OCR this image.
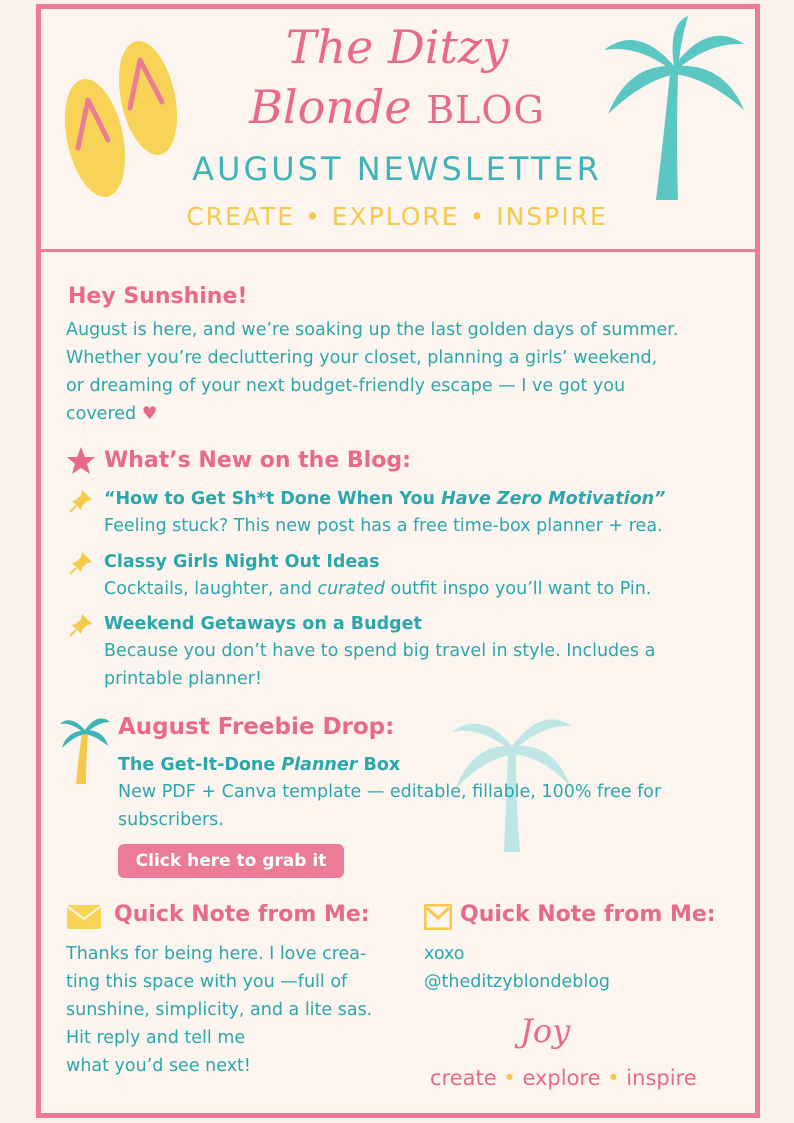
The Ditzy
Blonde BLOG
AUGUST NEWSLETTER
CREATE • EXPLORE • INSPIRE
Hey Sunshine!
August is here, and we’re soaking up the last golden days of summer.
Whether you’re decluttering your closet, planning a girls’ weekend,
or dreaming of your next budget-friendly escape — I ve got you
covered ♥
What’s New on the Blog:
“How to Get Sh*t Done When You Have Zero Motivation”
Feeling stuck? This new post has a free time-box planner + rea.
Classy Girls Night Out Ideas
Cocktails, laughter, and curated outfit inspo you’ll want to Pin.
Weekend Getaways on a Budget
Because you don’t have to spend big travel in style. Includes a
printable planner!
August Freebie Drop:
The Get-It-Done Planner Box
New PDF + Canva template — editable, fillable, 100% free for
subscribers.
Click here to grab it
Quick Note from Me:
Thanks for being here. I love crea-
ting this space with you —full of
sunshine, simplicity, and a lite sas.
Hit reply and tell me
what you’d see next!
Quick Note from Me:
xoxo
@theditzyblondeblog
Joy
create • explore • inspire
